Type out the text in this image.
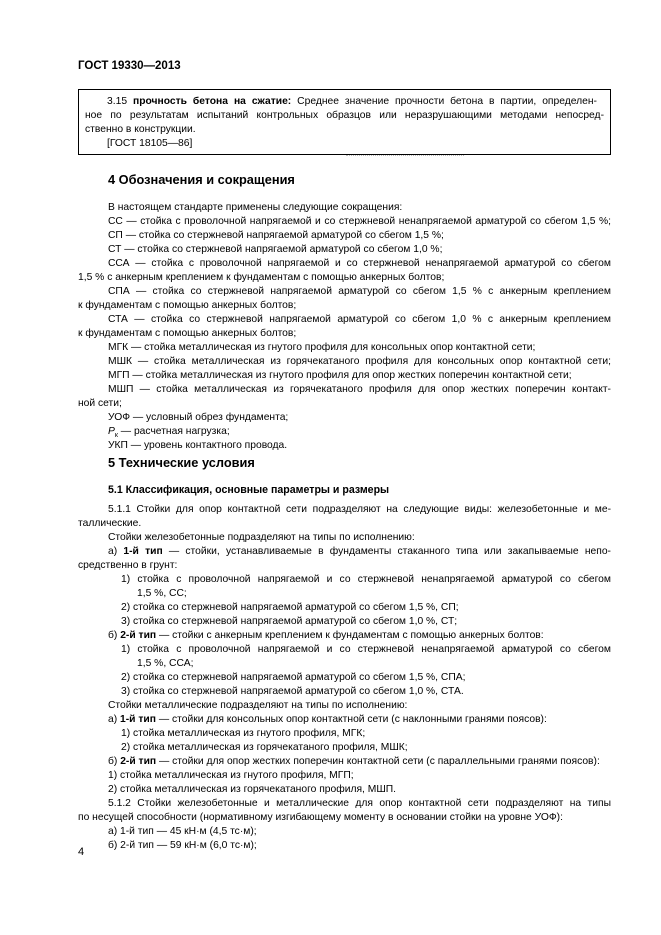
ГОСТ 19330—2013
3.15 прочность бетона на сжатие: Среднее значение прочности бетона в партии, определен-
ное по результатам испытаний контрольных образцов или неразрушающими методами непосред-
ственно в конструкции.
[ГОСТ 18105—86]
4 Обозначения и сокращения
В настоящем стандарте применены следующие сокращения:
СС — стойка с проволочной напрягаемой и со стержневой ненапрягаемой арматурой со сбегом 1,5 %;
СП — стойка со стержневой напрягаемой арматурой со сбегом 1,5 %;
СТ — стойка со стержневой напрягаемой арматурой со сбегом 1,0 %;
ССА — стойка с проволочной напрягаемой и со стержневой ненапрягаемой арматурой со сбегом
1,5 % с анкерным креплением к фундаментам с помощью анкерных болтов;
СПА — стойка со стержневой напрягаемой арматурой со сбегом 1,5 % с анкерным креплением
к фундаментам с помощью анкерных болтов;
СТА — стойка со стержневой напрягаемой арматурой со сбегом 1,0 % с анкерным креплением
к фундаментам с помощью анкерных болтов;
МГК — стойка металлическая из гнутого профиля для консольных опор контактной сети;
МШК — стойка металлическая из горячекатаного профиля для консольных опор контактной сети;
МГП — стойка металлическая из гнутого профиля для опор жестких поперечин контактной сети;
МШП — стойка металлическая из горячекатаного профиля для опор жестких поперечин контакт-
ной сети;
УОФ — условный обрез фундамента;
$Р_к$ — расчетная нагрузка;
УКП — уровень контактного провода.
5 Технические условия
5.1 Классификация, основные параметры и размеры
5.1.1 Стойки для опор контактной сети подразделяют на следующие виды: железобетонные и ме-
таллические.
Стойки железобетонные подразделяют на типы по исполнению:
а) 1-й тип — стойки, устанавливаемые в фундаменты стаканного типа или закапываемые непо-
средственно в грунт:
1) стойка с проволочной напрягаемой и со стержневой ненапрягаемой арматурой со сбегом
1,5 %, СС;
2) стойка со стержневой напрягаемой арматурой со сбегом 1,5 %, СП;
3) стойка со стержневой напрягаемой арматурой со сбегом 1,0 %, СТ;
б) 2-й тип — стойки с анкерным креплением к фундаментам с помощью анкерных болтов:
1) стойка с проволочной напрягаемой и со стержневой ненапрягаемой арматурой со сбегом
1,5 %, ССА;
2) стойка со стержневой напрягаемой арматурой со сбегом 1,5 %, СПА;
3) стойка со стержневой напрягаемой арматурой со сбегом 1,0 %, СТА.
Стойки металлические подразделяют на типы по исполнению:
а) 1-й тип — стойки для консольных опор контактной сети (с наклонными гранями поясов):
1) стойка металлическая из гнутого профиля, МГК;
2) стойка металлическая из горячекатаного профиля, МШК;
б) 2-й тип — стойки для опор жестких поперечин контактной сети (с параллельными гранями поясов):
1) стойка металлическая из гнутого профиля, МГП;
2) стойка металлическая из горячекатаного профиля, МШП.
5.1.2 Стойки железобетонные и металлические для опор контактной сети подразделяют на типы
по несущей способности (нормативному изгибающему моменту в основании стойки на уровне УОФ):
а) 1-й тип — 45 кН·м (4,5 тс·м);
б) 2-й тип — 59 кН·м (6,0 тс·м);
4
